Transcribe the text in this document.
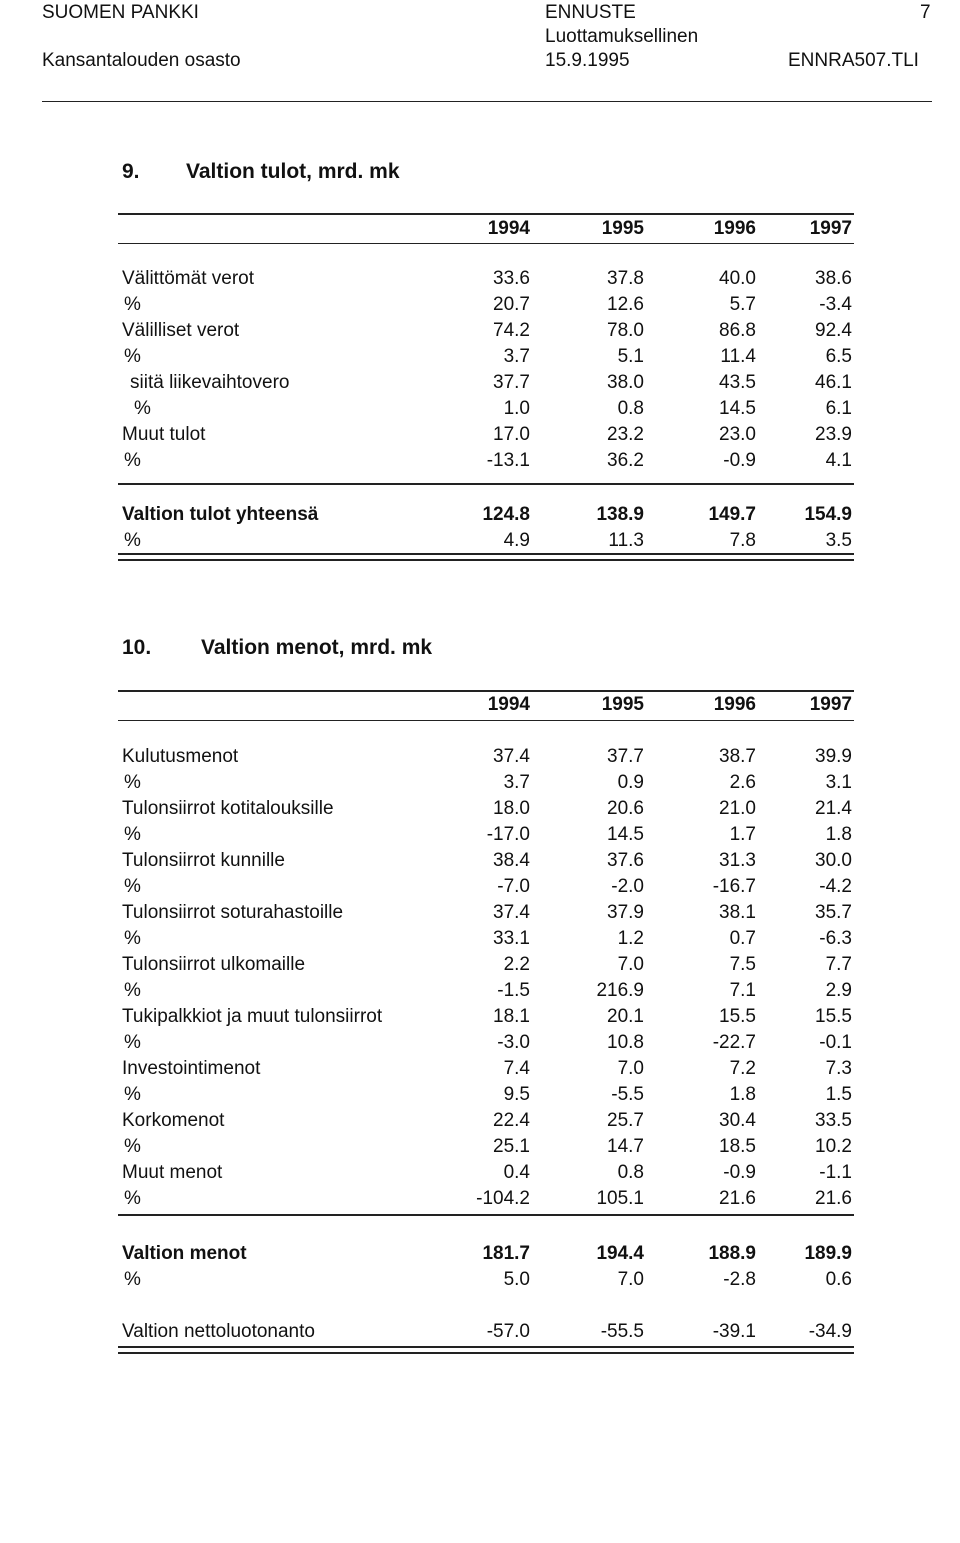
SUOMEN PANKKI
Kansantalouden osasto
ENNUSTE
Luottamuksellinen
15.9.1995
7
ENNRA507.TLI
9. Valtion tulot, mrd. mk
1994	1995	1996	1997
Välittömät verot	33.6	37.8	40.0	38.6
%	20.7	12.6	5.7	-3.4
Välilliset verot	74.2	78.0	86.8	92.4
%	3.7	5.1	11.4	6.5
siitä liikevaihtovero	37.7	38.0	43.5	46.1
%	1.0	0.8	14.5	6.1
Muut tulot	17.0	23.2	23.0	23.9
%	-13.1	36.2	-0.9	4.1
Valtion tulot yhteensä	124.8	138.9	149.7	154.9
%	4.9	11.3	7.8	3.5
10. Valtion menot, mrd. mk
1994	1995	1996	1997
Kulutusmenot	37.4	37.7	38.7	39.9
%	3.7	0.9	2.6	3.1
Tulonsiirrot kotitalouksille	18.0	20.6	21.0	21.4
%	-17.0	14.5	1.7	1.8
Tulonsiirrot kunnille	38.4	37.6	31.3	30.0
%	-7.0	-2.0	-16.7	-4.2
Tulonsiirrot soturahastoille	37.4	37.9	38.1	35.7
%	33.1	1.2	0.7	-6.3
Tulonsiirrot ulkomaille	2.2	7.0	7.5	7.7
%	-1.5	216.9	7.1	2.9
Tukipalkkiot ja muut tulonsiirrot	18.1	20.1	15.5	15.5
%	-3.0	10.8	-22.7	-0.1
Investointimenot	7.4	7.0	7.2	7.3
%	9.5	-5.5	1.8	1.5
Korkomenot	22.4	25.7	30.4	33.5
%	25.1	14.7	18.5	10.2
Muut menot	0.4	0.8	-0.9	-1.1
%	-104.2	105.1	21.6	21.6
Valtion menot	181.7	194.4	188.9	189.9
%	5.0	7.0	-2.8	0.6
Valtion nettoluotonanto	-57.0	-55.5	-39.1	-34.9
